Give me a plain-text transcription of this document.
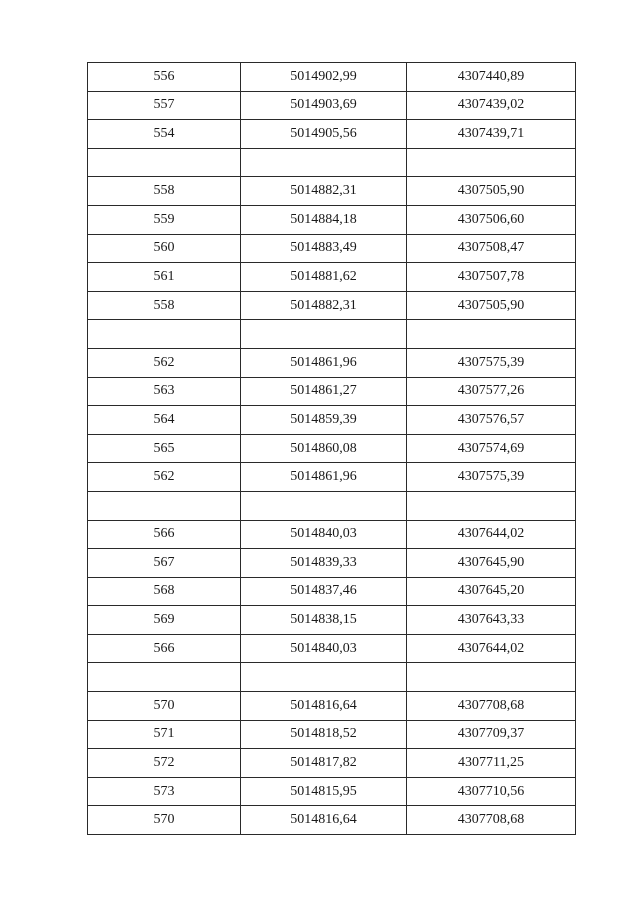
556	5014902,99	4307440,89
557	5014903,69	4307439,02
554	5014905,56	4307439,71

558	5014882,31	4307505,90
559	5014884,18	4307506,60
560	5014883,49	4307508,47
561	5014881,62	4307507,78
558	5014882,31	4307505,90

562	5014861,96	4307575,39
563	5014861,27	4307577,26
564	5014859,39	4307576,57
565	5014860,08	4307574,69
562	5014861,96	4307575,39

566	5014840,03	4307644,02
567	5014839,33	4307645,90
568	5014837,46	4307645,20
569	5014838,15	4307643,33
566	5014840,03	4307644,02

570	5014816,64	4307708,68
571	5014818,52	4307709,37
572	5014817,82	4307711,25
573	5014815,95	4307710,56
570	5014816,64	4307708,68
